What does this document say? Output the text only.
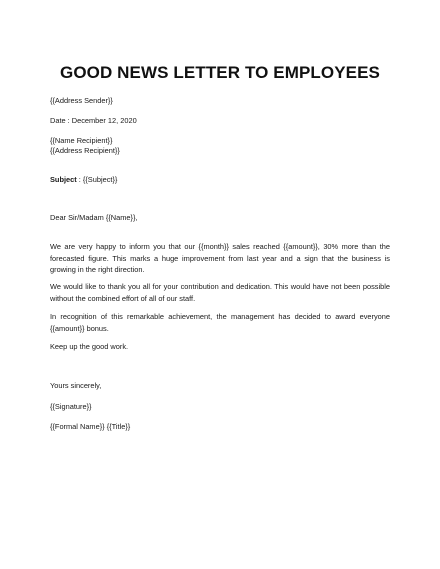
GOOD NEWS LETTER TO EMPLOYEES
{{Address Sender}}
Date : December 12, 2020
{{Name Recipient}}
{{Address Recipient}}
Subject : {{Subject}}
Dear Sir/Madam {{Name}},
We are very happy to inform you that our {{month}} sales reached {{amount}}, 30% more than the forecasted figure. This marks a huge improvement from last year and a sign that the business is growing in the right direction.
We would like to thank you all for your contribution and dedication. This would have not been possible without the combined effort of all of our staff.
In recognition of this remarkable achievement, the management has decided to award everyone {{amount}} bonus.
Keep up the good work.
Yours sincerely,
{{Signature}}
{{Formal Name}} {{Title}}
